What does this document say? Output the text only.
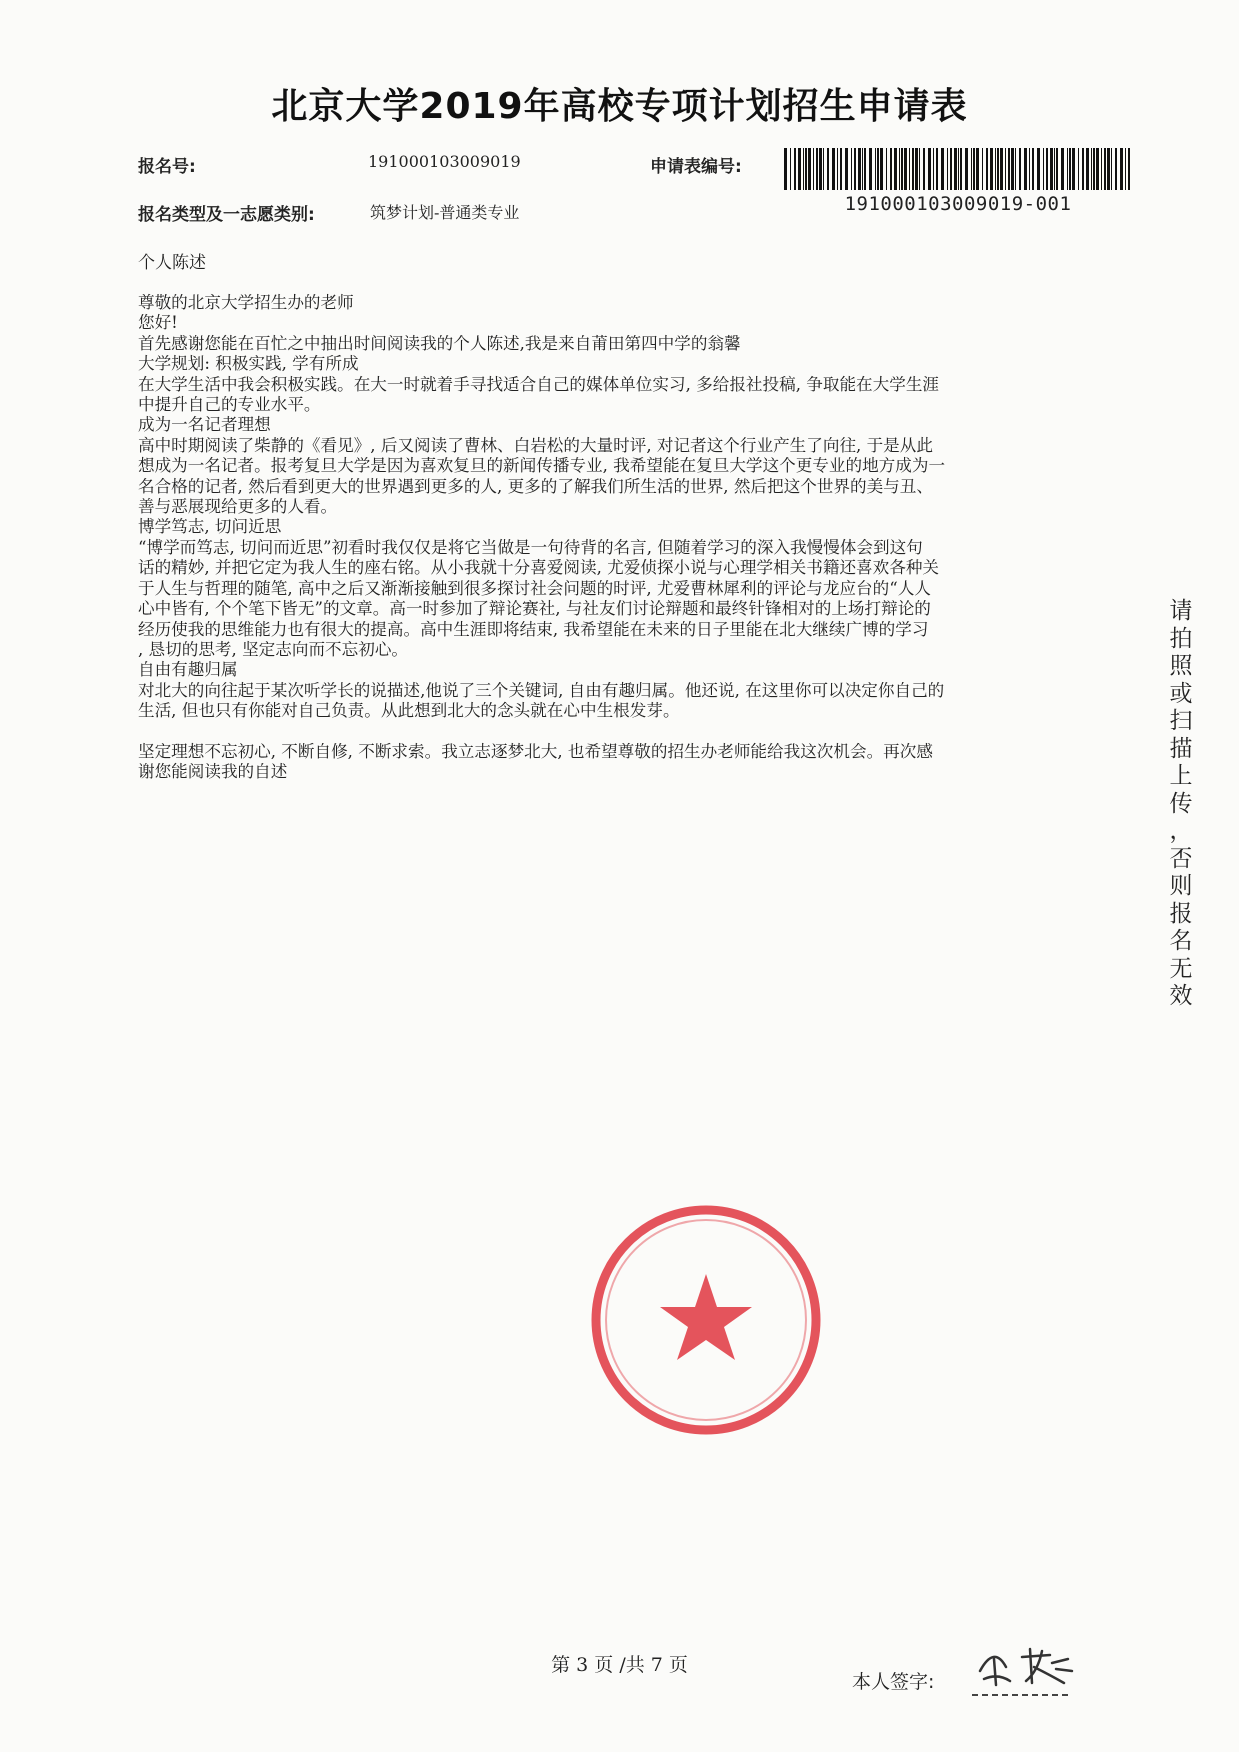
北京大学2019年高校专项计划招生申请表
报名号:	191000103009019	申请表编号:
191000103009019-001
报名类型及一志愿类别:	筑梦计划-普通类专业
个人陈述
尊敬的北京大学招生办的老师
您好!
首先感谢您能在百忙之中抽出时间阅读我的个人陈述,我是来自莆田第四中学的翁馨
大学规划: 积极实践, 学有所成
在大学生活中我会积极实践。在大一时就着手寻找适合自己的媒体单位实习, 多给报社投稿, 争取能在大学生涯
中提升自己的专业水平。
成为一名记者理想
高中时期阅读了柴静的《看见》, 后又阅读了曹林、白岩松的大量时评, 对记者这个行业产生了向往, 于是从此
想成为一名记者。报考复旦大学是因为喜欢复旦的新闻传播专业, 我希望能在复旦大学这个更专业的地方成为一
名合格的记者, 然后看到更大的世界遇到更多的人, 更多的了解我们所生活的世界, 然后把这个世界的美与丑、
善与恶展现给更多的人看。
博学笃志, 切问近思
“博学而笃志, 切问而近思”初看时我仅仅是将它当做是一句待背的名言, 但随着学习的深入我慢慢体会到这句
话的精妙, 并把它定为我人生的座右铭。从小我就十分喜爱阅读, 尤爱侦探小说与心理学相关书籍还喜欢各种关
于人生与哲理的随笔, 高中之后又渐渐接触到很多探讨社会问题的时评, 尤爱曹林犀利的评论与龙应台的“人人
心中皆有, 个个笔下皆无”的文章。高一时参加了辩论赛社, 与社友们讨论辩题和最终针锋相对的上场打辩论的
经历使我的思维能力也有很大的提高。高中生涯即将结束, 我希望能在未来的日子里能在北大继续广博的学习
, 恳切的思考, 坚定志向而不忘初心。
自由有趣归属
对北大的向往起于某次听学长的说描述,他说了三个关键词, 自由有趣归属。他还说, 在这里你可以决定你自己的
生活, 但也只有你能对自己负责。从此想到北大的念头就在心中生根发芽。
坚定理想不忘初心, 不断自修, 不断求索。我立志逐梦北大, 也希望尊敬的招生办老师能给我这次机会。再次感
谢您能阅读我的自述
请
拍
照
或
扫
描
上
传
，
否
则
报
名
无
效
本人签字:
第 3 页 /共 7 页
